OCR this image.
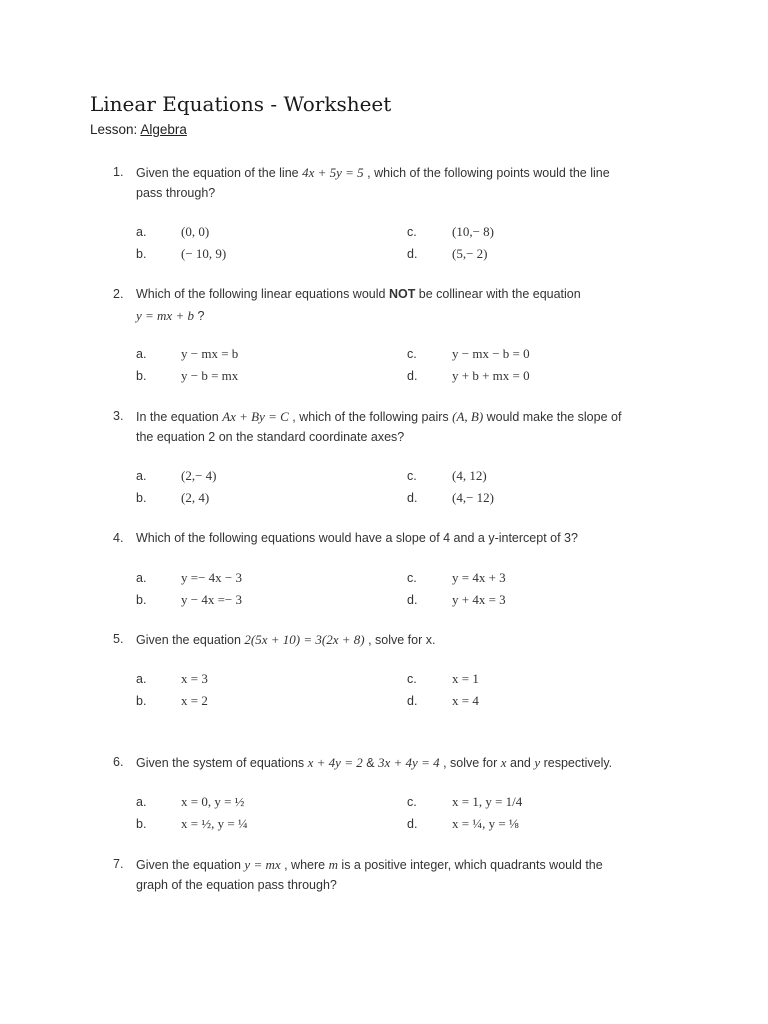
Linear Equations - Worksheet
Lesson: Algebra
1. Given the equation of the line 4x + 5y = 5 , which of the following points would the line
pass through?
a.	(0, 0)
b.	(− 10, 9)
c.	(10,− 8)
d.	(5,− 2)
2. Which of the following linear equations would NOT be collinear with the equation
y = mx + b ?
a.	y − mx = b
b.	y − b = mx
c.	y − mx − b = 0
d.	y + b + mx = 0
3. In the equation Ax + By = C , which of the following pairs (A, B) would make the slope of
the equation 2 on the standard coordinate axes?
a.	(2,− 4)
b.	(2, 4)
c.	(4, 12)
d.	(4,− 12)
4. Which of the following equations would have a slope of 4 and a y-intercept of 3?
a.	y =− 4x − 3
b.	y − 4x =− 3
c.	y = 4x + 3
d.	y + 4x = 3
5. Given the equation 2(5x + 10) = 3(2x + 8) , solve for x.
a.	x = 3
b.	x = 2
c.	x = 1
d.	x = 4
6. Given the system of equations x + 4y = 2 & 3x + 4y = 4 , solve for x and y respectively.
a.	x = 0, y = ½
b.	x = ½, y = ¼
c.	x = 1, y = 1/4
d.	x = ¼, y = ⅛
7. Given the equation y = mx , where m is a positive integer, which quadrants would the
graph of the equation pass through?
